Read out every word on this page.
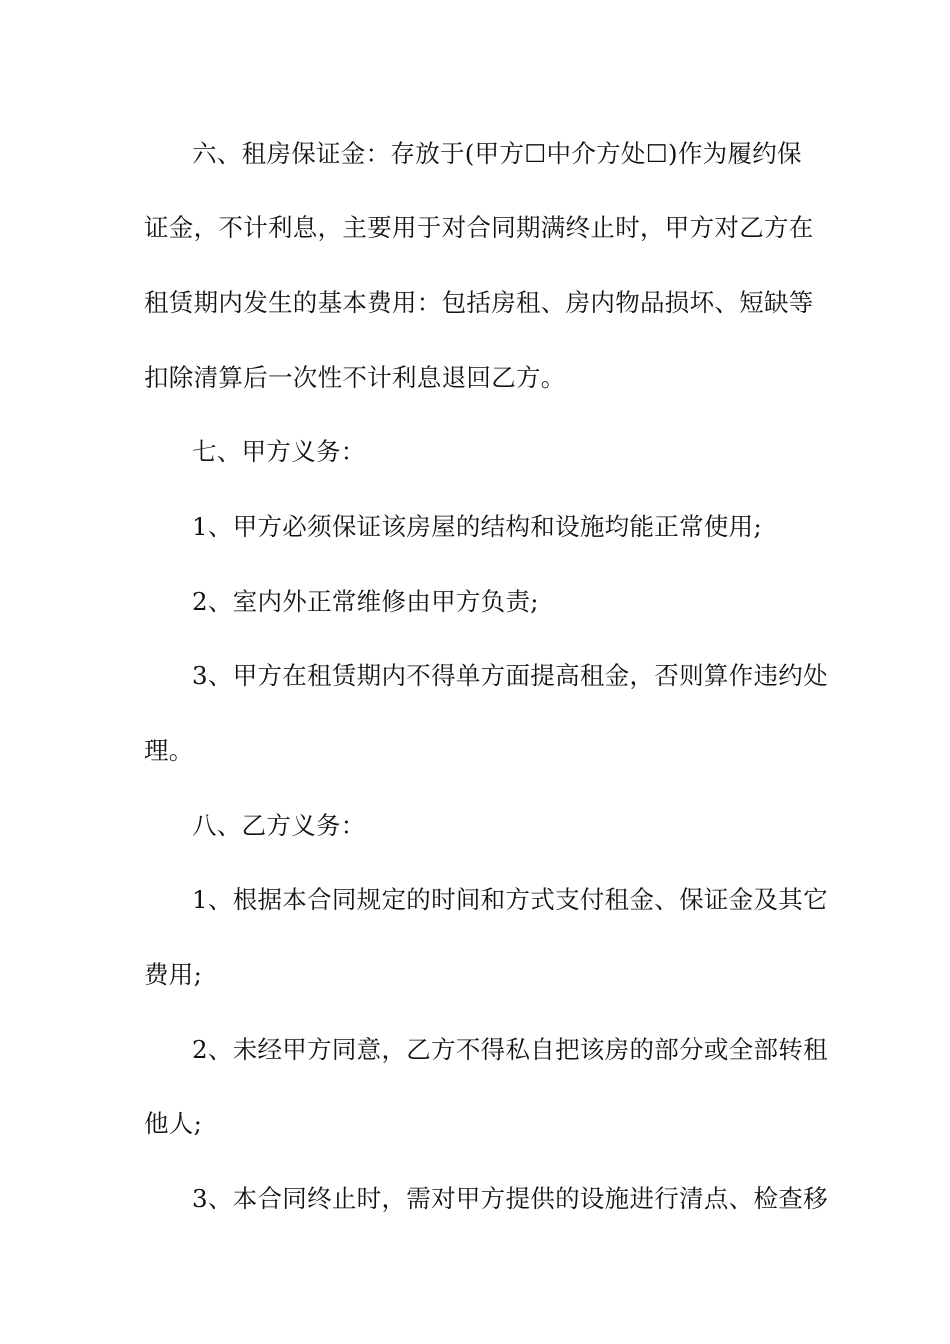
六、租房保证金：存放于(甲方☐中介方处☐)作为履约保
证金，不计利息，主要用于对合同期满终止时，甲方对乙方在
租赁期内发生的基本费用：包括房租、房内物品损坏、短缺等
扣除清算后一次性不计利息退回乙方。
七、甲方义务：
1、甲方必须保证该房屋的结构和设施均能正常使用;
2、室内外正常维修由甲方负责;
3、甲方在租赁期内不得单方面提高租金，否则算作违约处
理。
八、乙方义务：
1、根据本合同规定的时间和方式支付租金、保证金及其它
费用;
2、未经甲方同意，乙方不得私自把该房的部分或全部转租
他人;
3、本合同终止时，需对甲方提供的设施进行清点、检查移
